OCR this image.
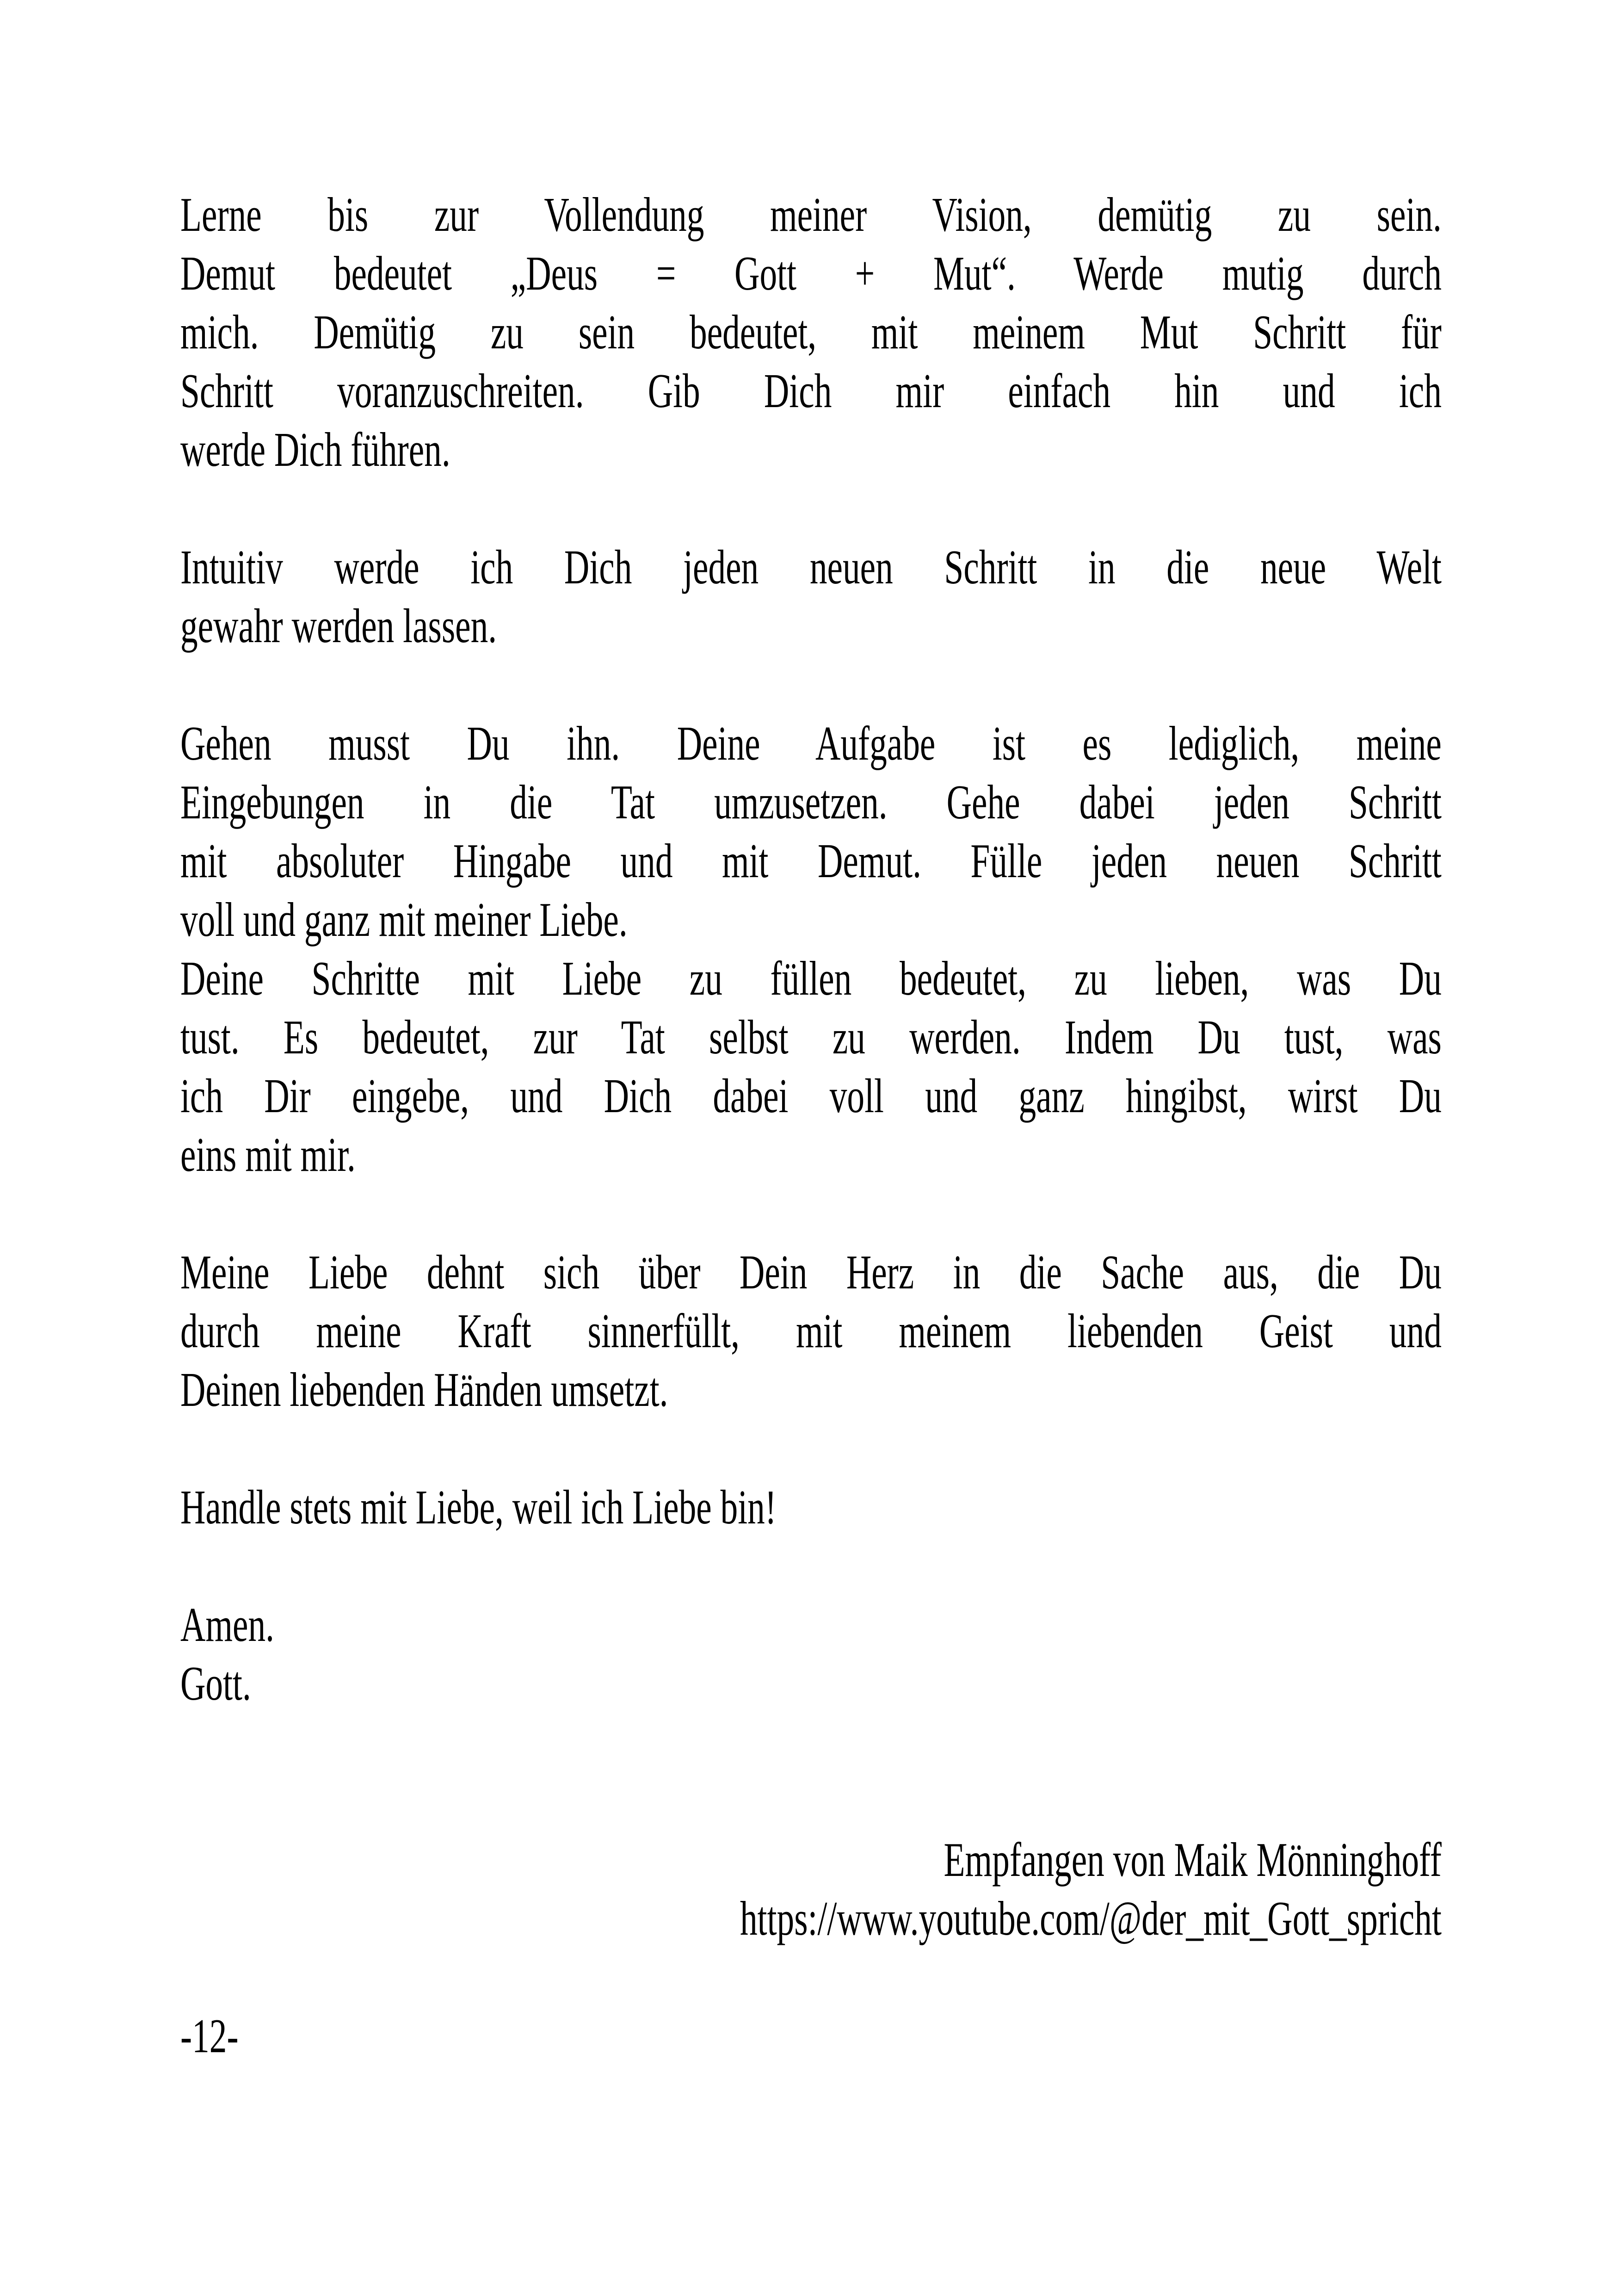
Lerne bis zur Vollendung meiner Vision, demütig zu sein.
Demut bedeutet „Deus = Gott + Mut“. Werde mutig durch
mich. Demütig zu sein bedeutet, mit meinem Mut Schritt für
Schritt voranzuschreiten. Gib Dich mir einfach hin und ich
werde Dich führen.
Intuitiv werde ich Dich jeden neuen Schritt in die neue Welt
gewahr werden lassen.
Gehen musst Du ihn. Deine Aufgabe ist es lediglich, meine
Eingebungen in die Tat umzusetzen. Gehe dabei jeden Schritt
mit absoluter Hingabe und mit Demut. Fülle jeden neuen Schritt
voll und ganz mit meiner Liebe.
Deine Schritte mit Liebe zu füllen bedeutet, zu lieben, was Du
tust. Es bedeutet, zur Tat selbst zu werden. Indem Du tust, was
ich Dir eingebe, und Dich dabei voll und ganz hingibst, wirst Du
eins mit mir.
Meine Liebe dehnt sich über Dein Herz in die Sache aus, die Du
durch meine Kraft sinnerfüllt, mit meinem liebenden Geist und
Deinen liebenden Händen umsetzt.
Handle stets mit Liebe, weil ich Liebe bin!
Amen.
Gott.
Empfangen von Maik Mönninghoff
https://www.youtube.com/@der_mit_Gott_spricht
-12-
